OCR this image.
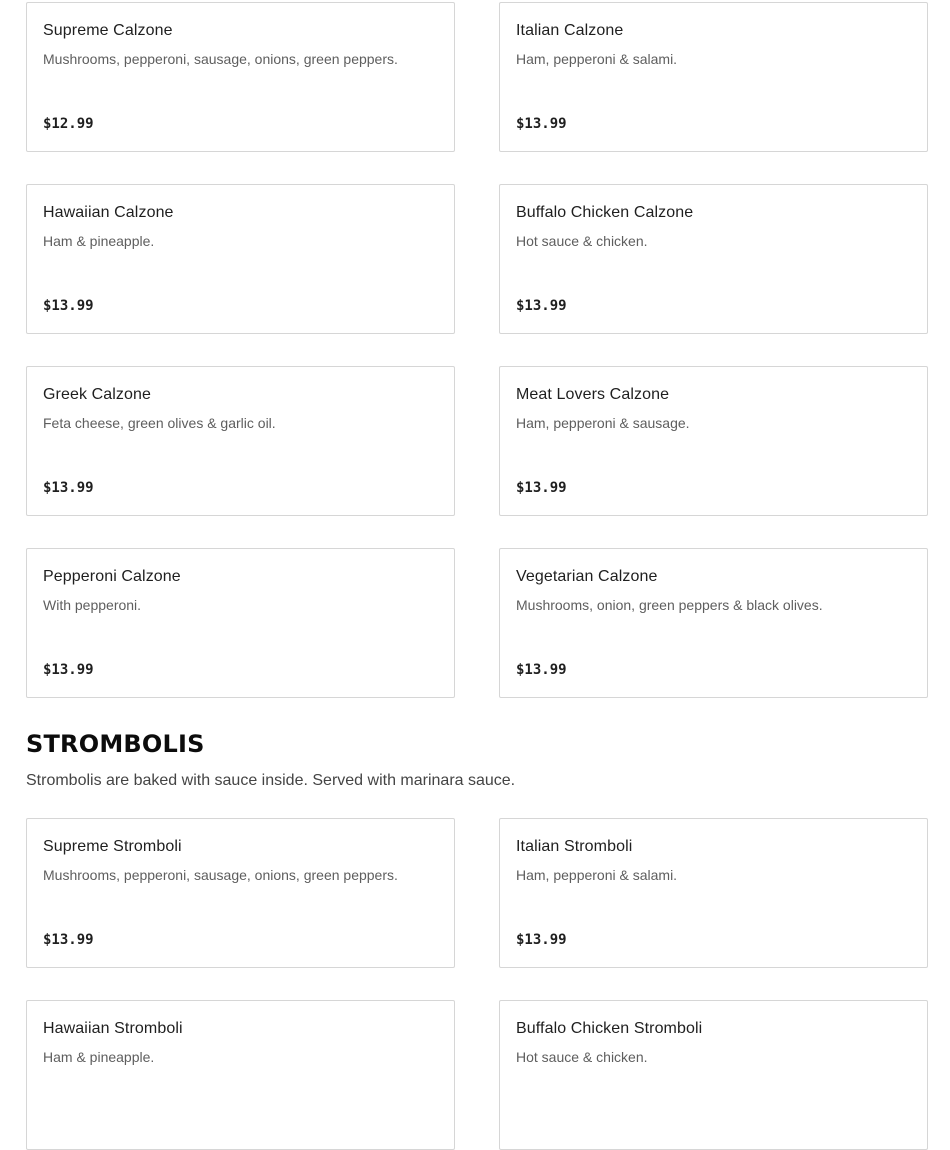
Supreme Calzone
Mushrooms, pepperoni, sausage, onions, green peppers.
$12.99
Italian Calzone
Ham, pepperoni & salami.
$13.99
Hawaiian Calzone
Ham & pineapple.
$13.99
Buffalo Chicken Calzone
Hot sauce & chicken.
$13.99
Greek Calzone
Feta cheese, green olives & garlic oil.
$13.99
Meat Lovers Calzone
Ham, pepperoni & sausage.
$13.99
Pepperoni Calzone
With pepperoni.
$13.99
Vegetarian Calzone
Mushrooms, onion, green peppers & black olives.
$13.99
STROMBOLIS

Strombolis are baked with sauce inside. Served with marinara sauce.

Supreme Stromboli
Mushrooms, pepperoni, sausage, onions, green peppers.
$13.99
Italian Stromboli
Ham, pepperoni & salami.
$13.99
Hawaiian Stromboli
Ham & pineapple.
Buffalo Chicken Stromboli
Hot sauce & chicken.
